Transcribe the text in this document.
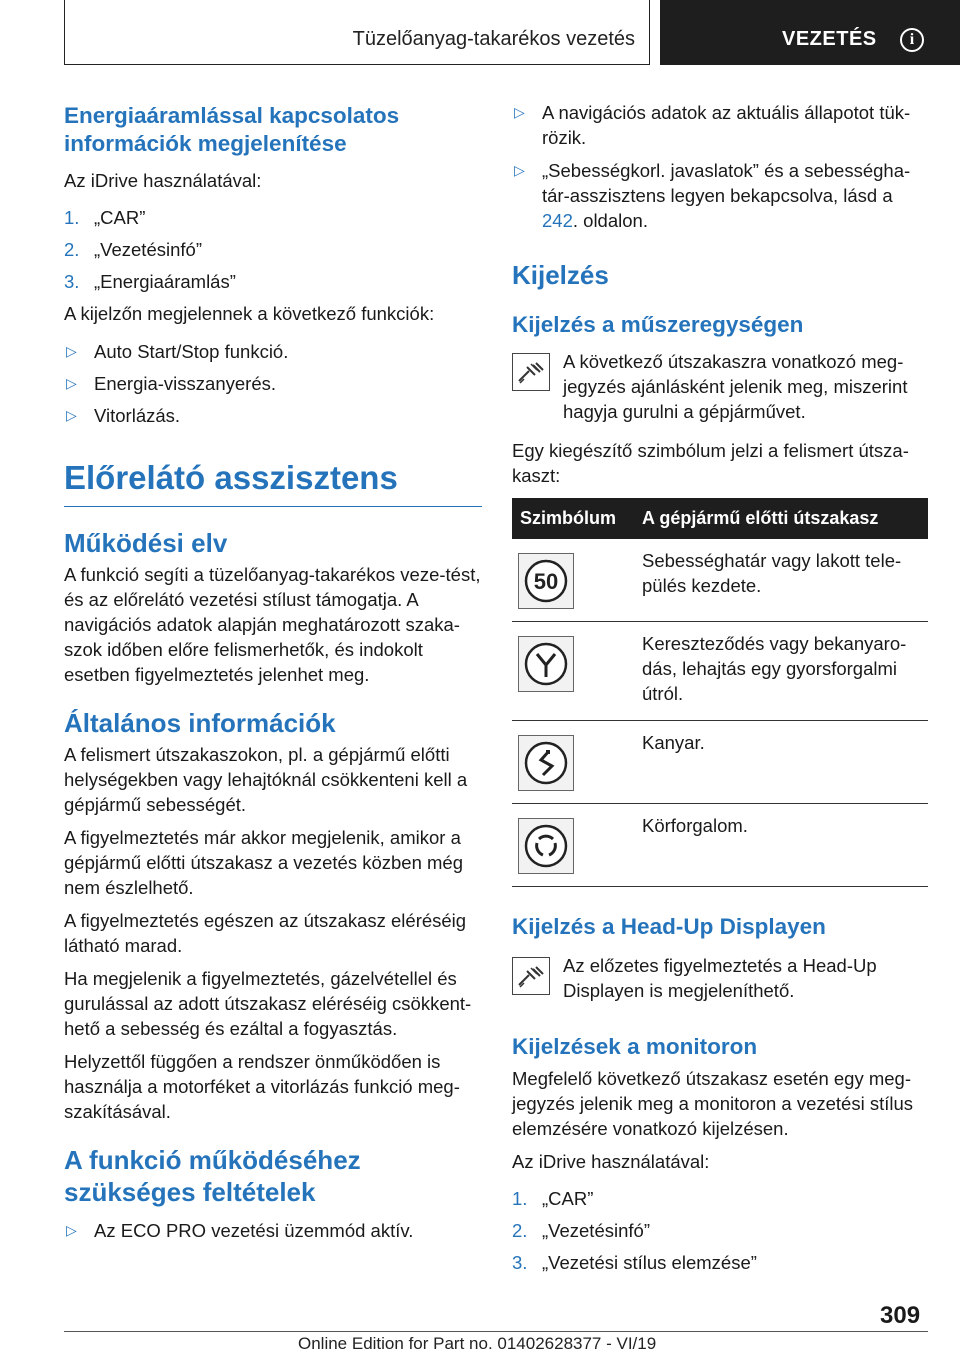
Tüzelőanyag-takarékos vezetés	VEZETÉS	i
Energiaáramlással kapcsolatos információk megjelenítése
Az iDrive használatával:
1. „CAR”
2. „Vezetésinfó”
3. „Energiaáramlás”
A kijelzőn megjelennek a következő funkciók:
▷ Auto Start/Stop funkció.
▷ Energia-visszanyerés.
▷ Vitorlázás.
Előrelátó asszisztens
Működési elv
A funkció segíti a tüzelőanyag-takarékos veze‐tést, és az előrelátó vezetési stílust támogatja. A navigációs adatok alapján meghatározott szaka‐szok időben előre felismerhetők, és indokolt esetben figyelmeztetés jelenhet meg.
Általános információk
A felismert útszakaszokon, pl. a gépjármű előtti helységekben vagy lehajtóknál csökkenteni kell a gépjármű sebességét.
A figyelmeztetés már akkor megjelenik, amikor a gépjármű előtti útszakasz a vezetés közben még nem észlelhető.
A figyelmeztetés egészen az útszakasz eléréséig látható marad.
Ha megjelenik a figyelmeztetés, gázelvétellel és gurulással az adott útszakasz eléréséig csökkent‐hető a sebesség és ezáltal a fogyasztás.
Helyzettől függően a rendszer önműködően is használja a motorféket a vitorlázás funkció meg‐szakításával.
A funkció működéséhez szükséges feltételek
▷ Az ECO PRO vezetési üzemmód aktív.
▷ A navigációs adatok az aktuális állapotot tük‐rözik.
▷ „Sebességkorl. javaslatok” és a sebességha‐tár-asszisztens legyen bekapcsolva, lásd a 242. oldalon.
Kijelzés
Kijelzés a műszeregységen
A következő útszakaszra vonatkozó meg‐jegyzés ajánlásként jelenik meg, miszerint hagyja gurulni a gépjárművet.
Egy kiegészítő szimbólum jelzi a felismert útsza‐kaszt:
Szimbólum	A gépjármű előtti útszakasz

50	Sebességhatár vagy lakott tele‐pülés kezdete.

	Kereszteződés vagy bekanyaro‐dás, lehajtás egy gyorsforgalmi útról.

	Kanyar.

	Körforgalom.
Kijelzés a Head-Up Displayen
Az előzetes figyelmeztetés a Head-Up Displayen is megjeleníthető.
Kijelzések a monitoron
Megfelelő következő útszakasz esetén egy meg‐jegyzés jelenik meg a monitoron a vezetési stílus elemzésére vonatkozó kijelzésen.
Az iDrive használatával:
1. „CAR”
2. „Vezetésinfó”
3. „Vezetési stílus elemzése”
309
Online Edition for Part no. 01402628377 - VI/19
